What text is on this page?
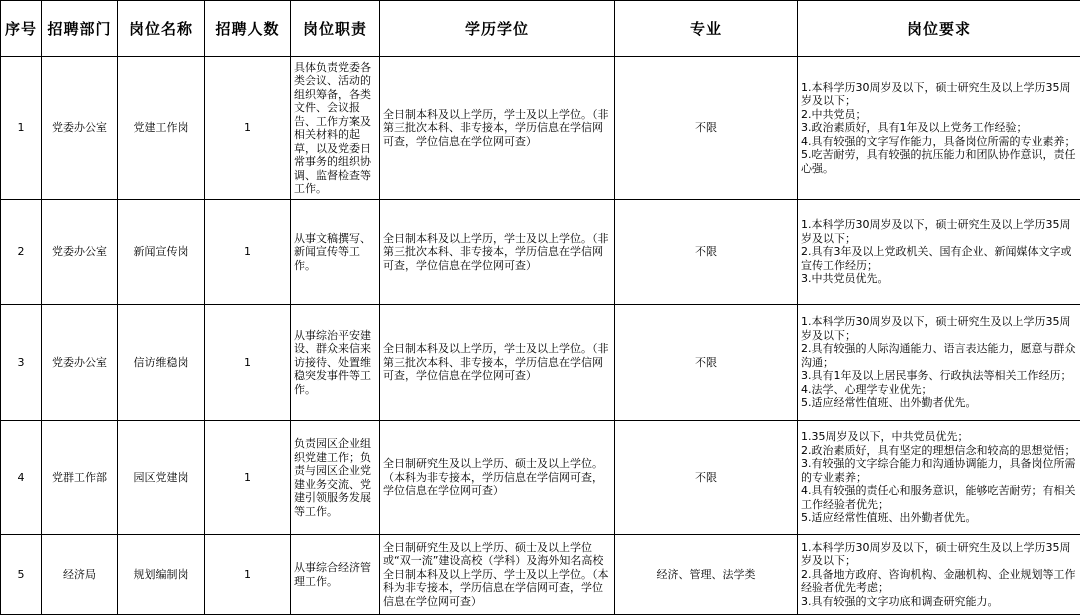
序号	招聘部门	岗位名称	招聘人数	岗位职责	学历学位	专业	岗位要求
1	党委办公室	党建工作岗	1	具体负责党委各类会议、活动的组织筹备，各类文件、会议报告、工作方案及相关材料的起草，以及党委日常事务的组织协调、监督检查等工作。	全日制本科及以上学历，学士及以上学位。（非第三批次本科、非专接本，学历信息在学信网可查，学位信息在学位网可查）	不限	1.本科学历30周岁及以下，硕士研究生及以上学历35周岁及以下；
2.中共党员；
3.政治素质好，具有1年及以上党务工作经验；
4.具有较强的文字写作能力，具备岗位所需的专业素养；
5.吃苦耐劳，具有较强的抗压能力和团队协作意识，责任心强。

2	党委办公室	新闻宣传岗	1	从事文稿撰写、新闻宣传等工作。	全日制本科及以上学历，学士及以上学位。（非第三批次本科、非专接本，学历信息在学信网可查，学位信息在学位网可查）	不限	1.本科学历30周岁及以下，硕士研究生及以上学历35周岁及以下；
2.具有3年及以上党政机关、国有企业、新闻媒体文字或宣传工作经历；
3.中共党员优先。

3	党委办公室	信访维稳岗	1	从事综治平安建设、群众来信来访接待、处置维稳突发事件等工作。	全日制本科及以上学历，学士及以上学位。（非第三批次本科、非专接本，学历信息在学信网可查，学位信息在学位网可查）	不限	1.本科学历30周岁及以下，硕士研究生及以上学历35周岁及以下；
2.具有较强的人际沟通能力、语言表达能力，愿意与群众沟通；
3.具有1年及以上居民事务、行政执法等相关工作经历；
4.法学、心理学专业优先；
5.适应经常性值班、出外勤者优先。

4	党群工作部	园区党建岗	1	负责园区企业组织党建工作；负责与园区企业党建业务交流、党建引领服务发展等工作。	全日制研究生及以上学历、硕士及以上学位。（本科为非专接本，学历信息在学信网可查，学位信息在学位网可查）	不限	1.35周岁及以下，中共党员优先；
2.政治素质好，具有坚定的理想信念和较高的思想觉悟；
3.有较强的文字综合能力和沟通协调能力，具备岗位所需的专业素养；
4.具有较强的责任心和服务意识，能够吃苦耐劳；有相关工作经验者优先；
5.适应经常性值班、出外勤者优先。

5	经济局	规划编制岗	1	从事综合经济管理工作。	全日制研究生及以上学历、硕士及以上学位或“双一流”建设高校（学科）及海外知名高校全日制本科及以上学历、学士及以上学位。（本科为非专接本，学历信息在学信网可查，学位信息在学位网可查）	经济、管理、法学类	1.本科学历30周岁及以下，硕士研究生及以上学历35周岁及以下；
2.具备地方政府、咨询机构、金融机构、企业规划等工作经验者优先考虑；
3.具有较强的文字功底和调查研究能力。
